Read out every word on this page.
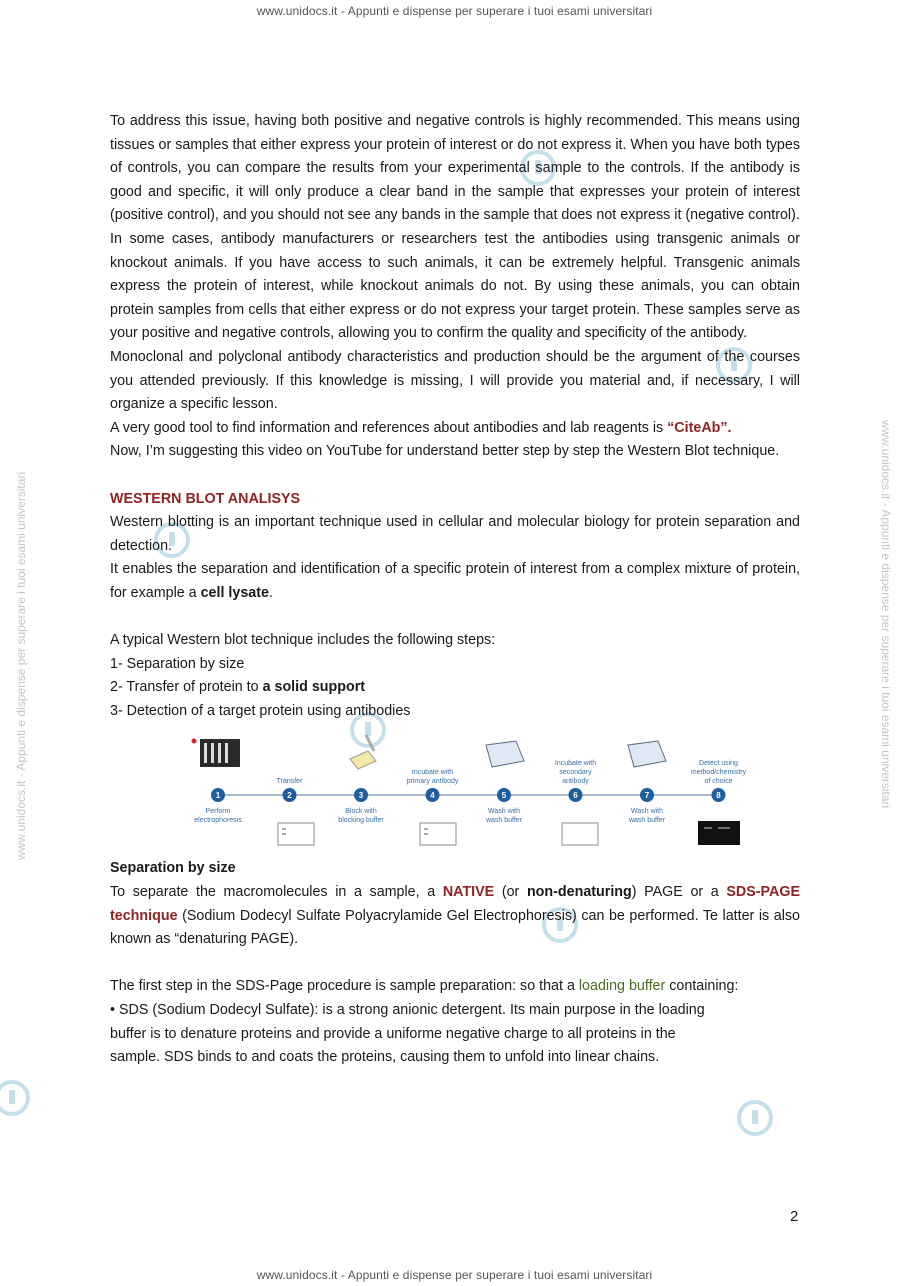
www.unidocs.it - Appunti e dispense per superare i tuoi esami universitari
www.unidocs.it - Appunti e dispense per superare i tuoi esami universitari
www.unidocs.it - Appunti e dispense per superare i tuoi esami universitari	www.unidocs.it - Appunti e dispense per superare i tuoi esami universitari

To address this issue, having both positive and negative controls is highly recommended. This means using tissues or samples that either express your protein of interest or do not express it. When you have both types of controls, you can compare the results from your experimental sample to the controls. If the antibody is good and specific, it will only produce a clear band in the sample that expresses your protein of interest (positive control), and you should not see any bands in the sample that does not express it (negative control).

In some cases, antibody manufacturers or researchers test the antibodies using transgenic animals or knockout animals. If you have access to such animals, it can be extremely helpful. Transgenic animals express the protein of interest, while knockout animals do not. By using these animals, you can obtain protein samples from cells that either express or do not express your target protein. These samples serve as your positive and negative controls, allowing you to confirm the quality and specificity of the antibody.

Monoclonal and polyclonal antibody characteristics and production should be the argument of the courses you attended previously. If this knowledge is missing, I will provide you material and, if necessary, I will organize a specific lesson.

A very good tool to find information and references about antibodies and lab reagents is “CiteAb”.

Now, I’m suggesting this video on YouTube for understand better step by step the Western Blot technique.

WESTERN BLOT ANALISYS

Western blotting is an important technique used in cellular and molecular biology for protein separation and detection.

It enables the separation and identification of a specific protein of interest from a complex mixture of protein, for example a cell lysate.

A typical Western blot technique includes the following steps:

1- Separation by size

2- Transfer of protein to a solid support

3- Detection of a target protein using antibodies

1
Perform
electrophoresis
2
Transfer
3
Block with
blocking buffer
4
Incubate with
primary antibody
5
Wash with
wash buffer
6
Incubate with
secondary
antibody
7
Wash with
wash buffer
8
Detect using
method/chemistry
of choice

Separation by size

To separate the macromolecules in a sample, a NATIVE (or non-denaturing) PAGE or a SDS-PAGE technique (Sodium Dodecyl Sulfate Polyacrylamide Gel Electrophoresis) can be performed. Te latter is also known as “denaturing PAGE).

The first step in the SDS-Page procedure is sample preparation: so that a loading buffer containing:

• SDS (Sodium Dodecyl Sulfate): is a strong anionic detergent. Its main purpose in the loading

buffer is to denature proteins and provide a uniforme negative charge to all proteins in the

sample. SDS binds to and coats the proteins, causing them to unfold into linear chains.

2
